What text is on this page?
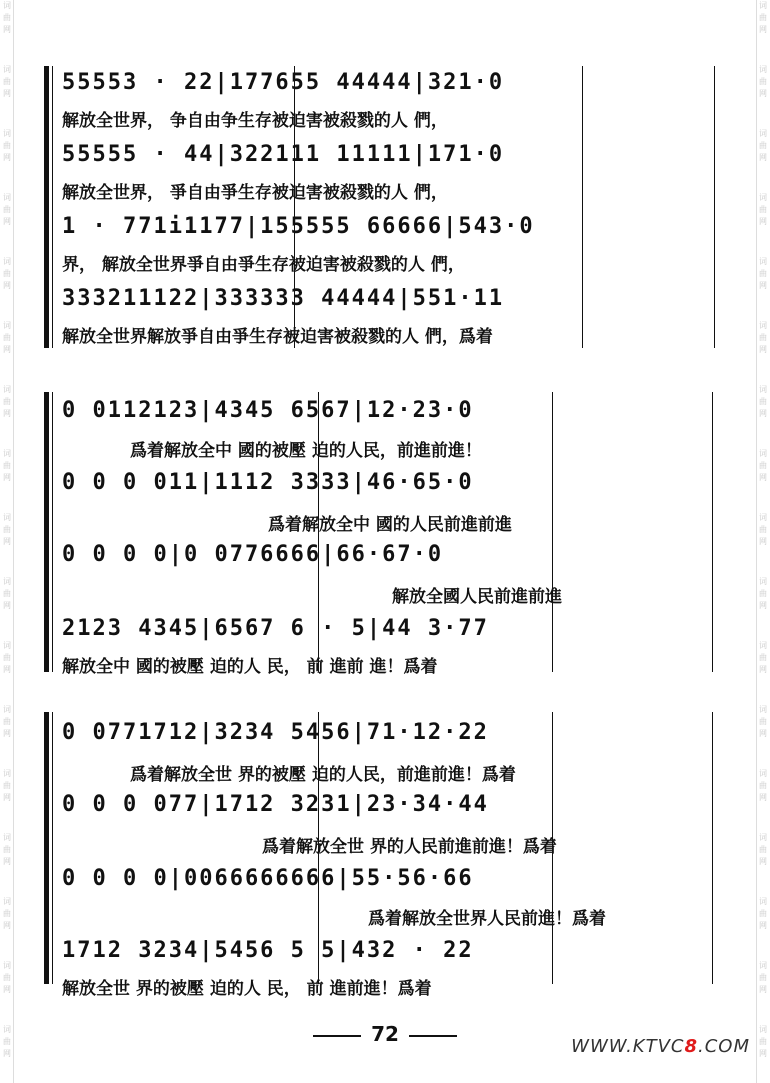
词
曲
网
词
曲
网
词
曲
网
词
曲
网
词
曲
网
词
曲
网
词
曲
网
词
曲
网
词
曲
网
词
曲
网
词
曲
网
词
曲
网
词
曲
网
词
曲
网
词
曲
网
词
曲
网
词
曲
网
词
曲
网
词
曲
网
词
曲
网
词
曲
网
词
曲
网
词
曲
网
词
曲
网
词
曲
网
词
曲
网
词
曲
网
词
曲
网
词
曲
网
词
曲
网
词
曲
网
词
曲
网
词
曲
网
词
曲
网
55553 · 22|177655 44444|321·0
解放全世界， 争自由争生存被迫害被殺戮的人 們，
55555 · 44|322111 11111|171·0
解放全世界， 爭自由爭生存被迫害被殺戮的人 們，
1 · 771i1177|155555 66666|543·0
界， 解放全世界爭自由爭生存被迫害被殺戮的人 們，
333211122|333333 44444|551·11
解放全世界解放爭自由爭生存被迫害被殺戮的人 們，爲着
0 0112123|4345 6567|12·23·0
爲着解放全中 國的被壓 迫的人民，前進前進！
0 0 0 011|1112 3333|46·65·0
爲着解放全中 國的人民前進前進
0 0 0 0|0 0776666|66·67·0
解放全國人民前進前進
2123 4345|6567 6 · 5|44 3·77
解放全中 國的被壓 迫的人 民， 前 進前 進！爲着
0 0771712|3234 5456|71·12·22
爲着解放全世 界的被壓 迫的人民，前進前進！爲着
0 0 0 077|1712 3231|23·34·44
爲着解放全世 界的人民前進前進！爲着
0 0 0 0|0066666666|55·56·66
爲着解放全世界人民前進！爲着
1712 3234|5456 5 5|432 · 22
解放全世 界的被壓 迫的人 民， 前 進前進！爲着
72
WWW.KTVC8.COM
